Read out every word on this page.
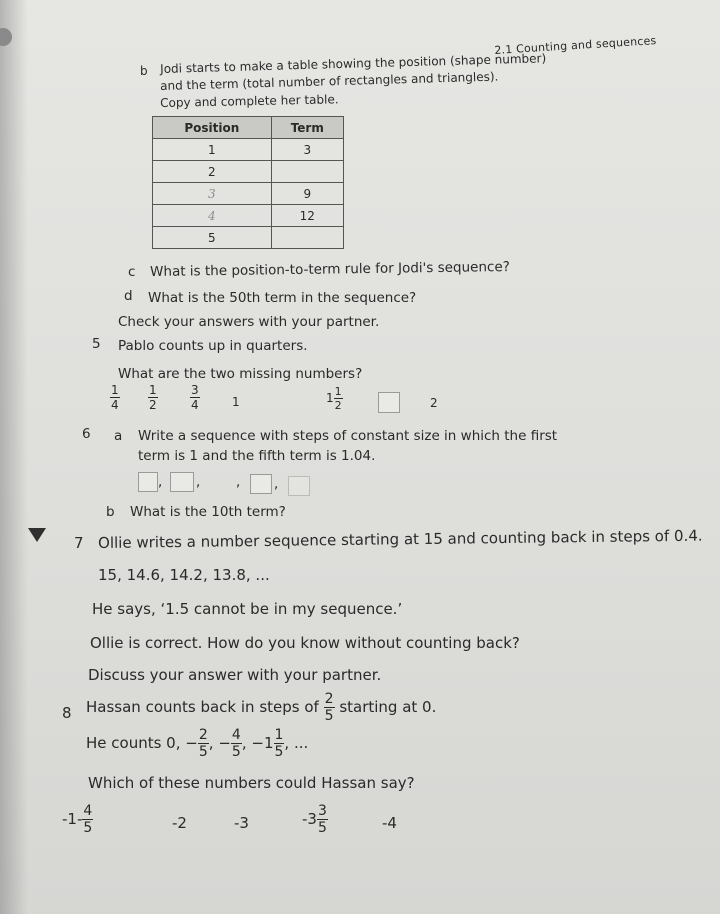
2.1 Counting and sequences
b Jodi starts to make a table showing the position (shape number)
and the term (total number of rectangles and triangles).
Copy and complete her table.
Position	Term
1	3
2	
3	9
4	12
5	
c What is the position-to-term rule for Jodi's sequence?
d What is the 50th term in the sequence?
Check your answers with your partner.
5 Pablo counts up in quarters.
What are the two missing numbers?
$\frac{1}{4} \frac{1}{2}$	$\frac{3}{4}$	1	$1 \frac{1}{2}$	2
6 a Write a sequence with steps of constant size in which the first
term is 1 and the fifth term is 1.04.
, ,	, ,
b What is the 10th term?
7 Ollie writes a number sequence starting at 15 and counting back in steps of 0.4.
15, 14.6, 14.2, 13.8, ...
He says, ‘1.5 cannot be in my sequence.’
Ollie is correct. How do you know without counting back?
Discuss your answer with your partner.
8 Hassan counts back in steps of $\frac{2}{5}$ starting at 0.
He counts 0, − $\frac{2}{5}$ , − $\frac{4}{5}$ , $-1 \frac{1}{5}$ , ...
Which of these numbers could Hassan say?
$-1- \frac{4}{5}$	-2	-3	$-3 \frac{3}{5}$	-4
